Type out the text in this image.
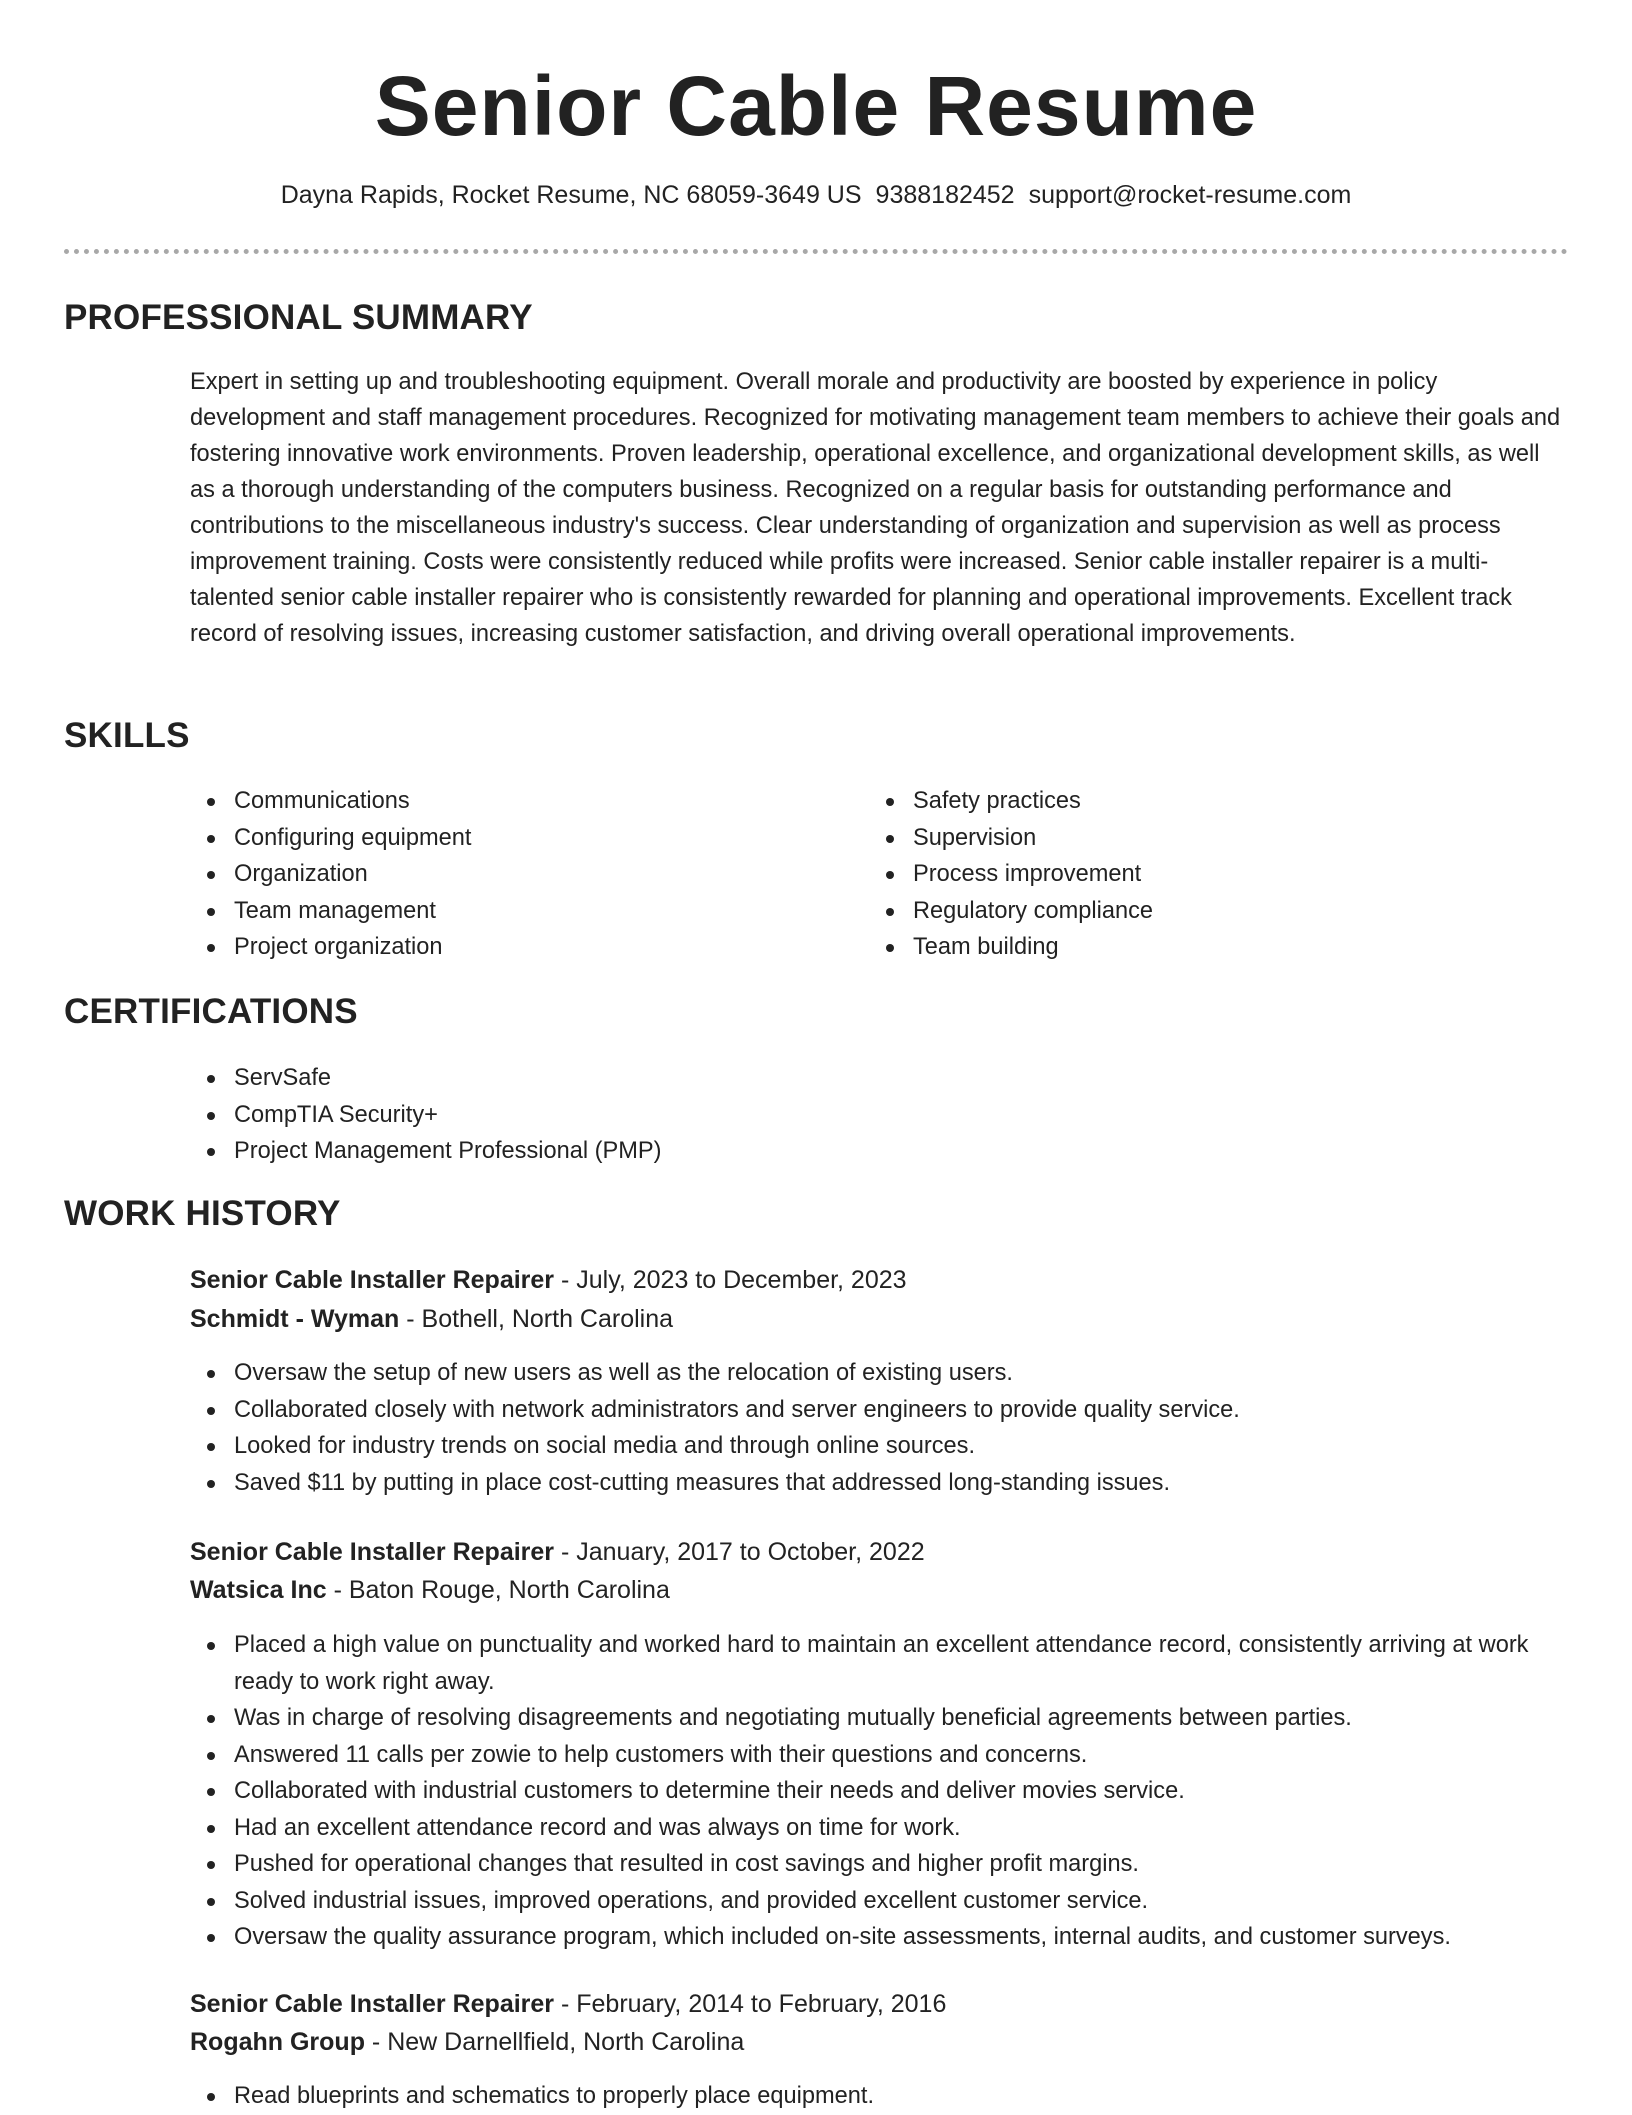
Senior Cable Resume
Dayna Rapids, Rocket Resume, NC 68059-3649 US 9388182452 support@rocket-resume.com
PROFESSIONAL SUMMARY

Expert in setting up and troubleshooting equipment. Overall morale and productivity are boosted by experience in policy development and staff management procedures. Recognized for motivating management team members to achieve their goals and fostering innovative work environments. Proven leadership, operational excellence, and organizational development skills, as well as a thorough understanding of the computers business. Recognized on a regular basis for outstanding performance and contributions to the miscellaneous industry's success. Clear understanding of organization and supervision as well as process improvement training. Costs were consistently reduced while profits were increased. Senior cable installer repairer is a multi-talented senior cable installer repairer who is consistently rewarded for planning and operational improvements. Excellent track record of resolving issues, increasing customer satisfaction, and driving overall operational improvements.

SKILLS
Communications
Configuring equipment
Organization
Team management
Project organization
Safety practices
Supervision
Process improvement
Regulatory compliance
Team building
CERTIFICATIONS
ServSafe
CompTIA Security+
Project Management Professional (PMP)
WORK HISTORY
Senior Cable Installer Repairer - July, 2023 to December, 2023
Schmidt - Wyman - Bothell, North Carolina
Oversaw the setup of new users as well as the relocation of existing users.
Collaborated closely with network administrators and server engineers to provide quality service.
Looked for industry trends on social media and through online sources.
Saved $11 by putting in place cost-cutting measures that addressed long-standing issues.
Senior Cable Installer Repairer - January, 2017 to October, 2022
Watsica Inc - Baton Rouge, North Carolina
Placed a high value on punctuality and worked hard to maintain an excellent attendance record, consistently arriving at work ready to work right away.
Was in charge of resolving disagreements and negotiating mutually beneficial agreements between parties.
Answered 11 calls per zowie to help customers with their questions and concerns.
Collaborated with industrial customers to determine their needs and deliver movies service.
Had an excellent attendance record and was always on time for work.
Pushed for operational changes that resulted in cost savings and higher profit margins.
Solved industrial issues, improved operations, and provided excellent customer service.
Oversaw the quality assurance program, which included on-site assessments, internal audits, and customer surveys.
Senior Cable Installer Repairer - February, 2014 to February, 2016
Rogahn Group - New Darnellfield, North Carolina
Read blueprints and schematics to properly place equipment.
